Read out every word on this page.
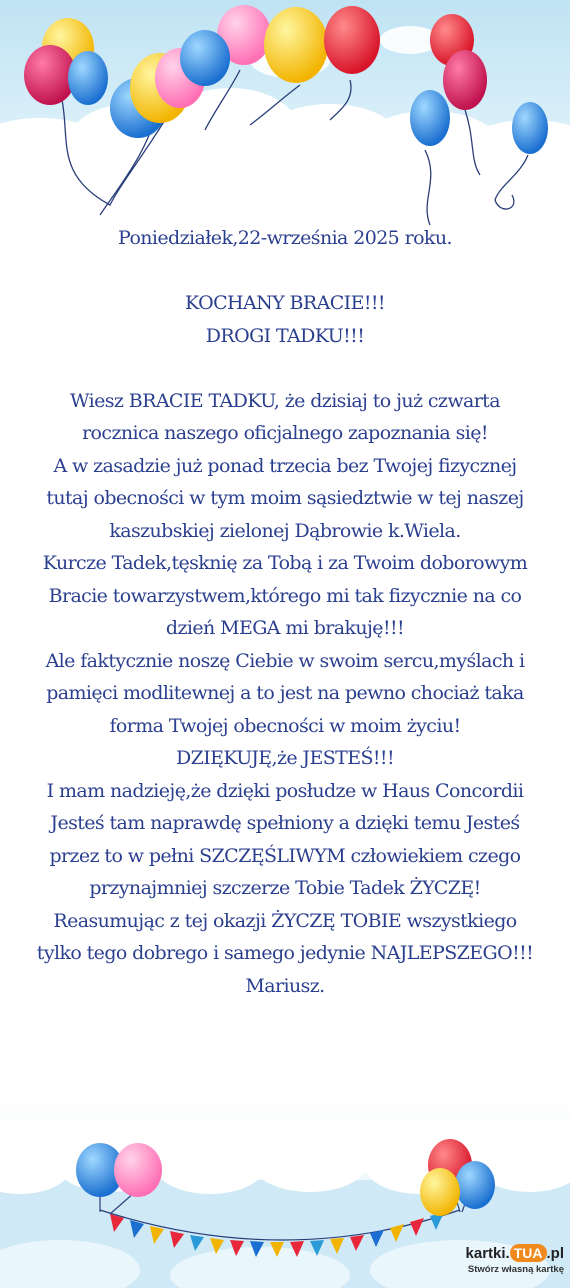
Poniedziałek,22-września 2025 roku.

KOCHANY BRACIE!!!

DROGI TADKU!!!

Wiesz BRACIE TADKU, że dzisiaj to już czwarta

rocznica naszego oficjalnego zapoznania się!

A w zasadzie już ponad trzecia bez Twojej fizycznej

tutaj obecności w tym moim sąsiedztwie w tej naszej

kaszubskiej zielonej Dąbrowie k.Wiela.

Kurcze Tadek,tęsknię za Tobą i za Twoim doborowym

Bracie towarzystwem,którego mi tak fizycznie na co

dzień MEGA mi brakuję!!!

Ale faktycznie noszę Ciebie w swoim sercu,myślach i

pamięci modlitewnej a to jest na pewno chociaż taka

forma Twojej obecności w moim życiu!

DZIĘKUJĘ,że JESTEŚ!!!

I mam nadzieję,że dzięki posłudze w Haus Concordii

Jesteś tam naprawdę spełniony a dzięki temu Jesteś

przez to w pełni SZCZĘŚLIWYM człowiekiem czego

przynajmniej szczerze Tobie Tadek ŻYCZĘ!

Reasumując z tej okazji ŻYCZĘ TOBIE wszystkiego

tylko tego dobrego i samego jedynie NAJLEPSZEGO!!!

Mariusz.

kartki. TUA .pl
Stwórz własną kartkę
